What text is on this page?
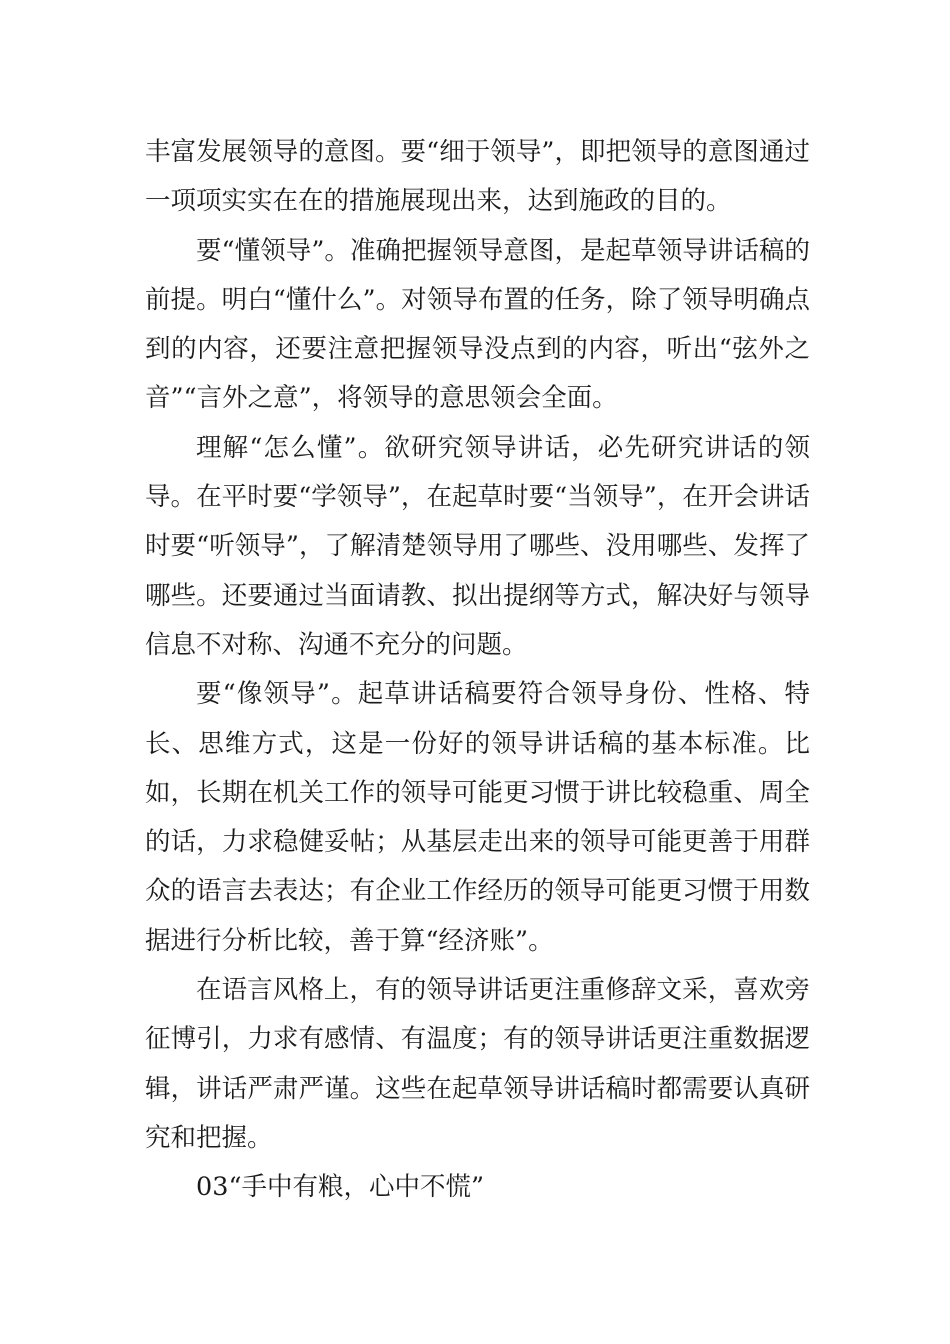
丰富发展领导的意图。要“细于领导”，即把领导的意图通过一项项实实在在的措施展现出来，达到施政的目的。

要“懂领导”。准确把握领导意图，是起草领导讲话稿的前提。明白“懂什么”。对领导布置的任务，除了领导明确点到的内容，还要注意把握领导没点到的内容，听出“弦外之音”“言外之意”，将领导的意思领会全面。

理解“怎么懂”。欲研究领导讲话，必先研究讲话的领导。在平时要“学领导”，在起草时要“当领导”，在开会讲话时要“听领导”，了解清楚领导用了哪些、没用哪些、发挥了哪些。还要通过当面请教、拟出提纲等方式，解决好与领导信息不对称、沟通不充分的问题。

要“像领导”。起草讲话稿要符合领导身份、性格、特长、思维方式，这是一份好的领导讲话稿的基本标准。比如，长期在机关工作的领导可能更习惯于讲比较稳重、周全的话，力求稳健妥帖；从基层走出来的领导可能更善于用群众的语言去表达；有企业工作经历的领导可能更习惯于用数据进行分析比较，善于算“经济账”。

在语言风格上，有的领导讲话更注重修辞文采，喜欢旁征博引，力求有感情、有温度；有的领导讲话更注重数据逻辑，讲话严肃严谨。这些在起草领导讲话稿时都需要认真研究和把握。

03“手中有粮，心中不慌”
